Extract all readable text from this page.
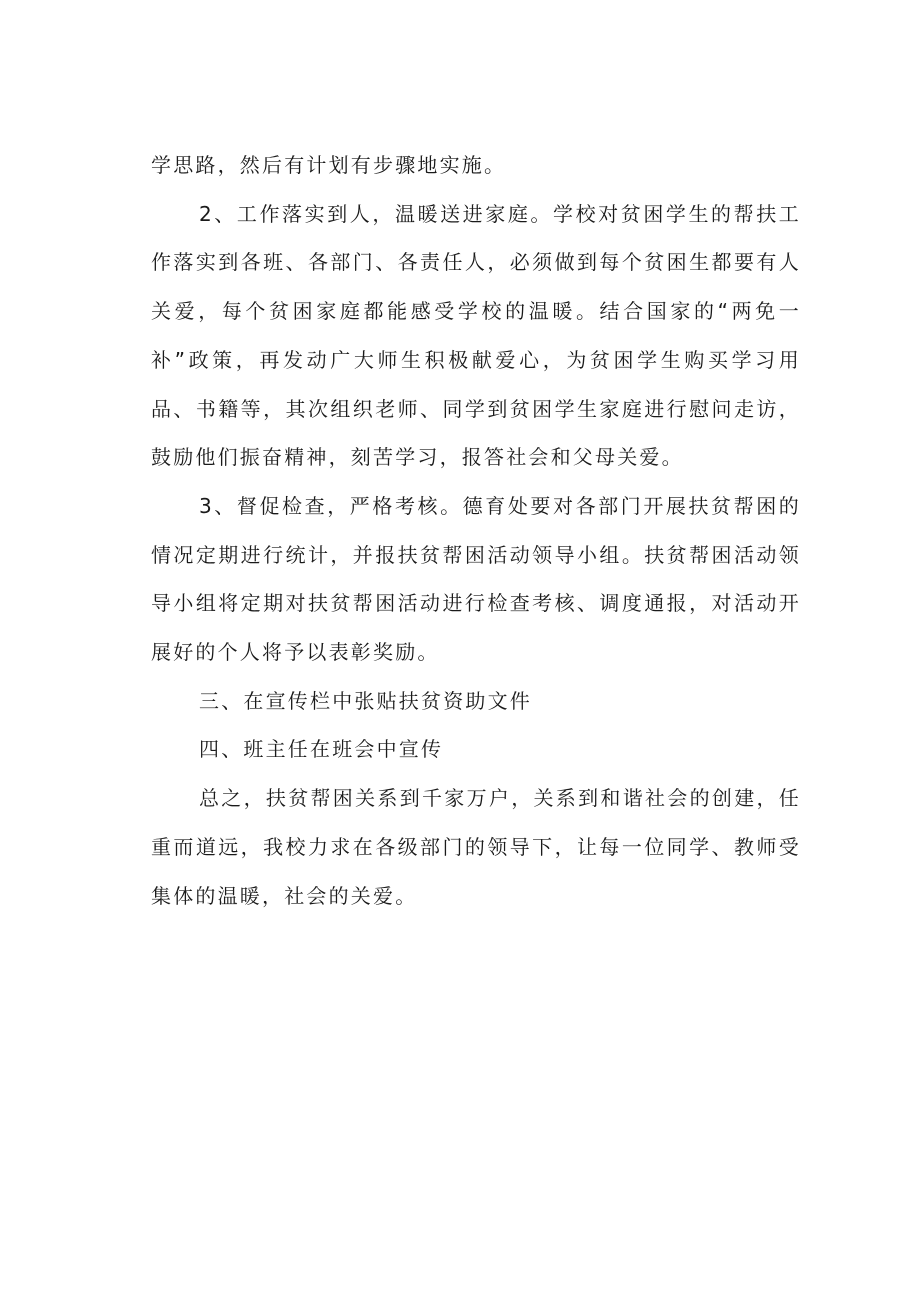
学思路，然后有计划有步骤地实施。

2、工作落实到人，温暖送进家庭。学校对贫困学生的帮扶工作落实到各班、各部门、各责任人，必须做到每个贫困生都要有人关爱，每个贫困家庭都能感受学校的温暖。结合国家的“两免一补”政策，再发动广大师生积极献爱心，为贫困学生购买学习用品、书籍等，其次组织老师、同学到贫困学生家庭进行慰问走访，鼓励他们振奋精神，刻苦学习，报答社会和父母关爱。

3、督促检查，严格考核。德育处要对各部门开展扶贫帮困的情况定期进行统计，并报扶贫帮困活动领导小组。扶贫帮困活动领导小组将定期对扶贫帮困活动进行检查考核、调度通报，对活动开展好的个人将予以表彰奖励。

三、在宣传栏中张贴扶贫资助文件

四、班主任在班会中宣传

总之，扶贫帮困关系到千家万户，关系到和谐社会的创建，任重而道远，我校力求在各级部门的领导下，让每一位同学、教师受集体的温暖，社会的关爱。
